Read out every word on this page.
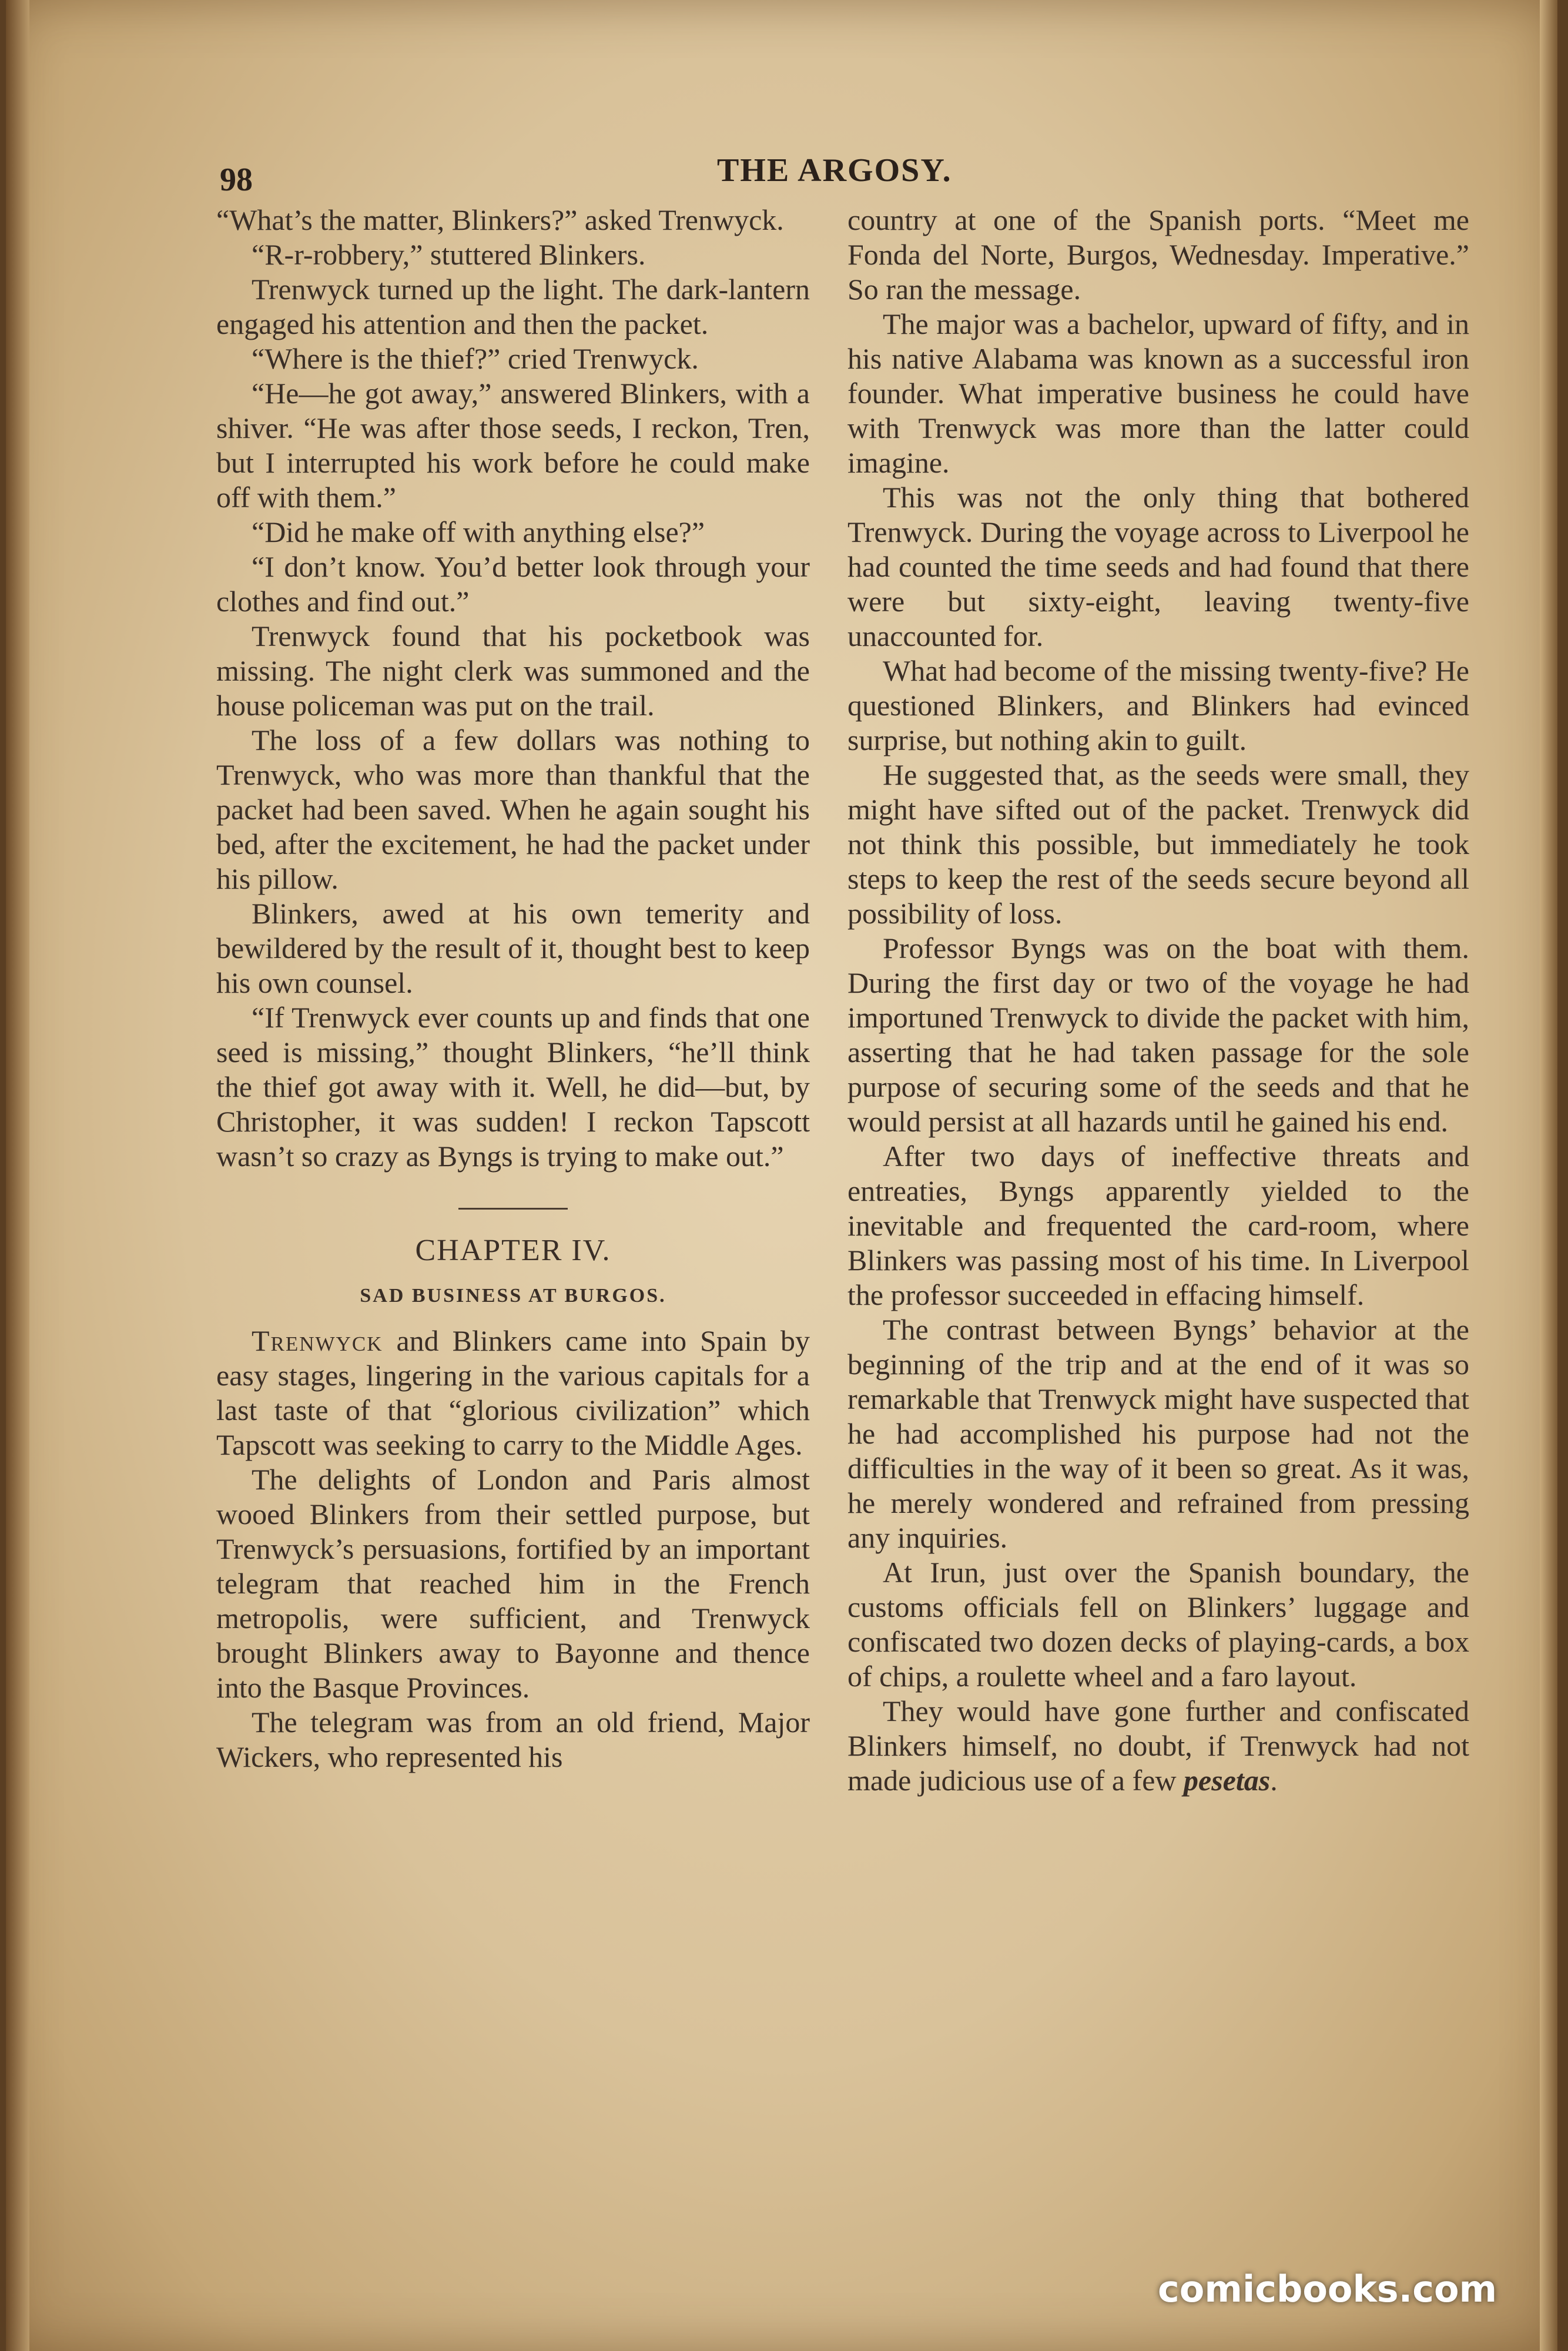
98	THE ARGOSY.

“What’s the matter, Blinkers?” asked Trenwyck.

“R-r-robbery,” stuttered Blinkers.

Trenwyck turned up the light. The dark-lantern engaged his attention and then the packet.

“Where is the thief?” cried Trenwyck.

“He—he got away,” answered Blinkers, with a shiver. “He was after those seeds, I reckon, Tren, but I interrupted his work before he could make off with them.”

“Did he make off with anything else?”

“I don’t know. You’d better look through your clothes and find out.”

Trenwyck found that his pocketbook was missing. The night clerk was summoned and the house policeman was put on the trail.

The loss of a few dollars was nothing to Trenwyck, who was more than thankful that the packet had been saved. When he again sought his bed, after the excitement, he had the packet under his pillow.

Blinkers, awed at his own temerity and bewildered by the result of it, thought best to keep his own counsel.

“If Trenwyck ever counts up and finds that one seed is missing,” thought Blinkers, “he’ll think the thief got away with it. Well, he did—but, by Christopher, it was sudden! I reckon Tapscott wasn’t so crazy as Byngs is trying to make out.”

CHAPTER IV.
SAD BUSINESS AT BURGOS.

Trenwyck and Blinkers came into Spain by easy stages, lingering in the various capitals for a last taste of that “glorious civilization” which Tapscott was seeking to carry to the Middle Ages.

The delights of London and Paris almost wooed Blinkers from their settled purpose, but Trenwyck’s persuasions, fortified by an important telegram that reached him in the French metropolis, were sufficient, and Trenwyck brought Blinkers away to Bayonne and thence into the Basque Provinces.

The telegram was from an old friend, Major Wickers, who represented his

country at one of the Spanish ports. “Meet me Fonda del Norte, Burgos, Wednesday. Imperative.” So ran the message.

The major was a bachelor, upward of fifty, and in his native Alabama was known as a successful iron founder. What imperative business he could have with Trenwyck was more than the latter could imagine.

This was not the only thing that bothered Trenwyck. During the voyage across to Liverpool he had counted the time seeds and had found that there were but sixty-eight, leaving twenty-five unaccounted for.

What had become of the missing twenty-five? He questioned Blinkers, and Blinkers had evinced surprise, but nothing akin to guilt.

He suggested that, as the seeds were small, they might have sifted out of the packet. Trenwyck did not think this possible, but immediately he took steps to keep the rest of the seeds secure beyond all possibility of loss.

Professor Byngs was on the boat with them. During the first day or two of the voyage he had importuned Trenwyck to divide the packet with him, asserting that he had taken passage for the sole purpose of securing some of the seeds and that he would persist at all hazards until he gained his end.

After two days of ineffective threats and entreaties, Byngs apparently yielded to the inevitable and frequented the card-room, where Blinkers was passing most of his time. In Liverpool the professor succeeded in effacing himself.

The contrast between Byngs’ behavior at the beginning of the trip and at the end of it was so remarkable that Trenwyck might have suspected that he had accomplished his purpose had not the difficulties in the way of it been so great. As it was, he merely wondered and refrained from pressing any inquiries.

At Irun, just over the Spanish boundary, the customs officials fell on Blinkers’ luggage and confiscated two dozen decks of playing-cards, a box of chips, a roulette wheel and a faro layout.

They would have gone further and confiscated Blinkers himself, no doubt, if Trenwyck had not made judicious use of a few pesetas.

comicbooks.com
